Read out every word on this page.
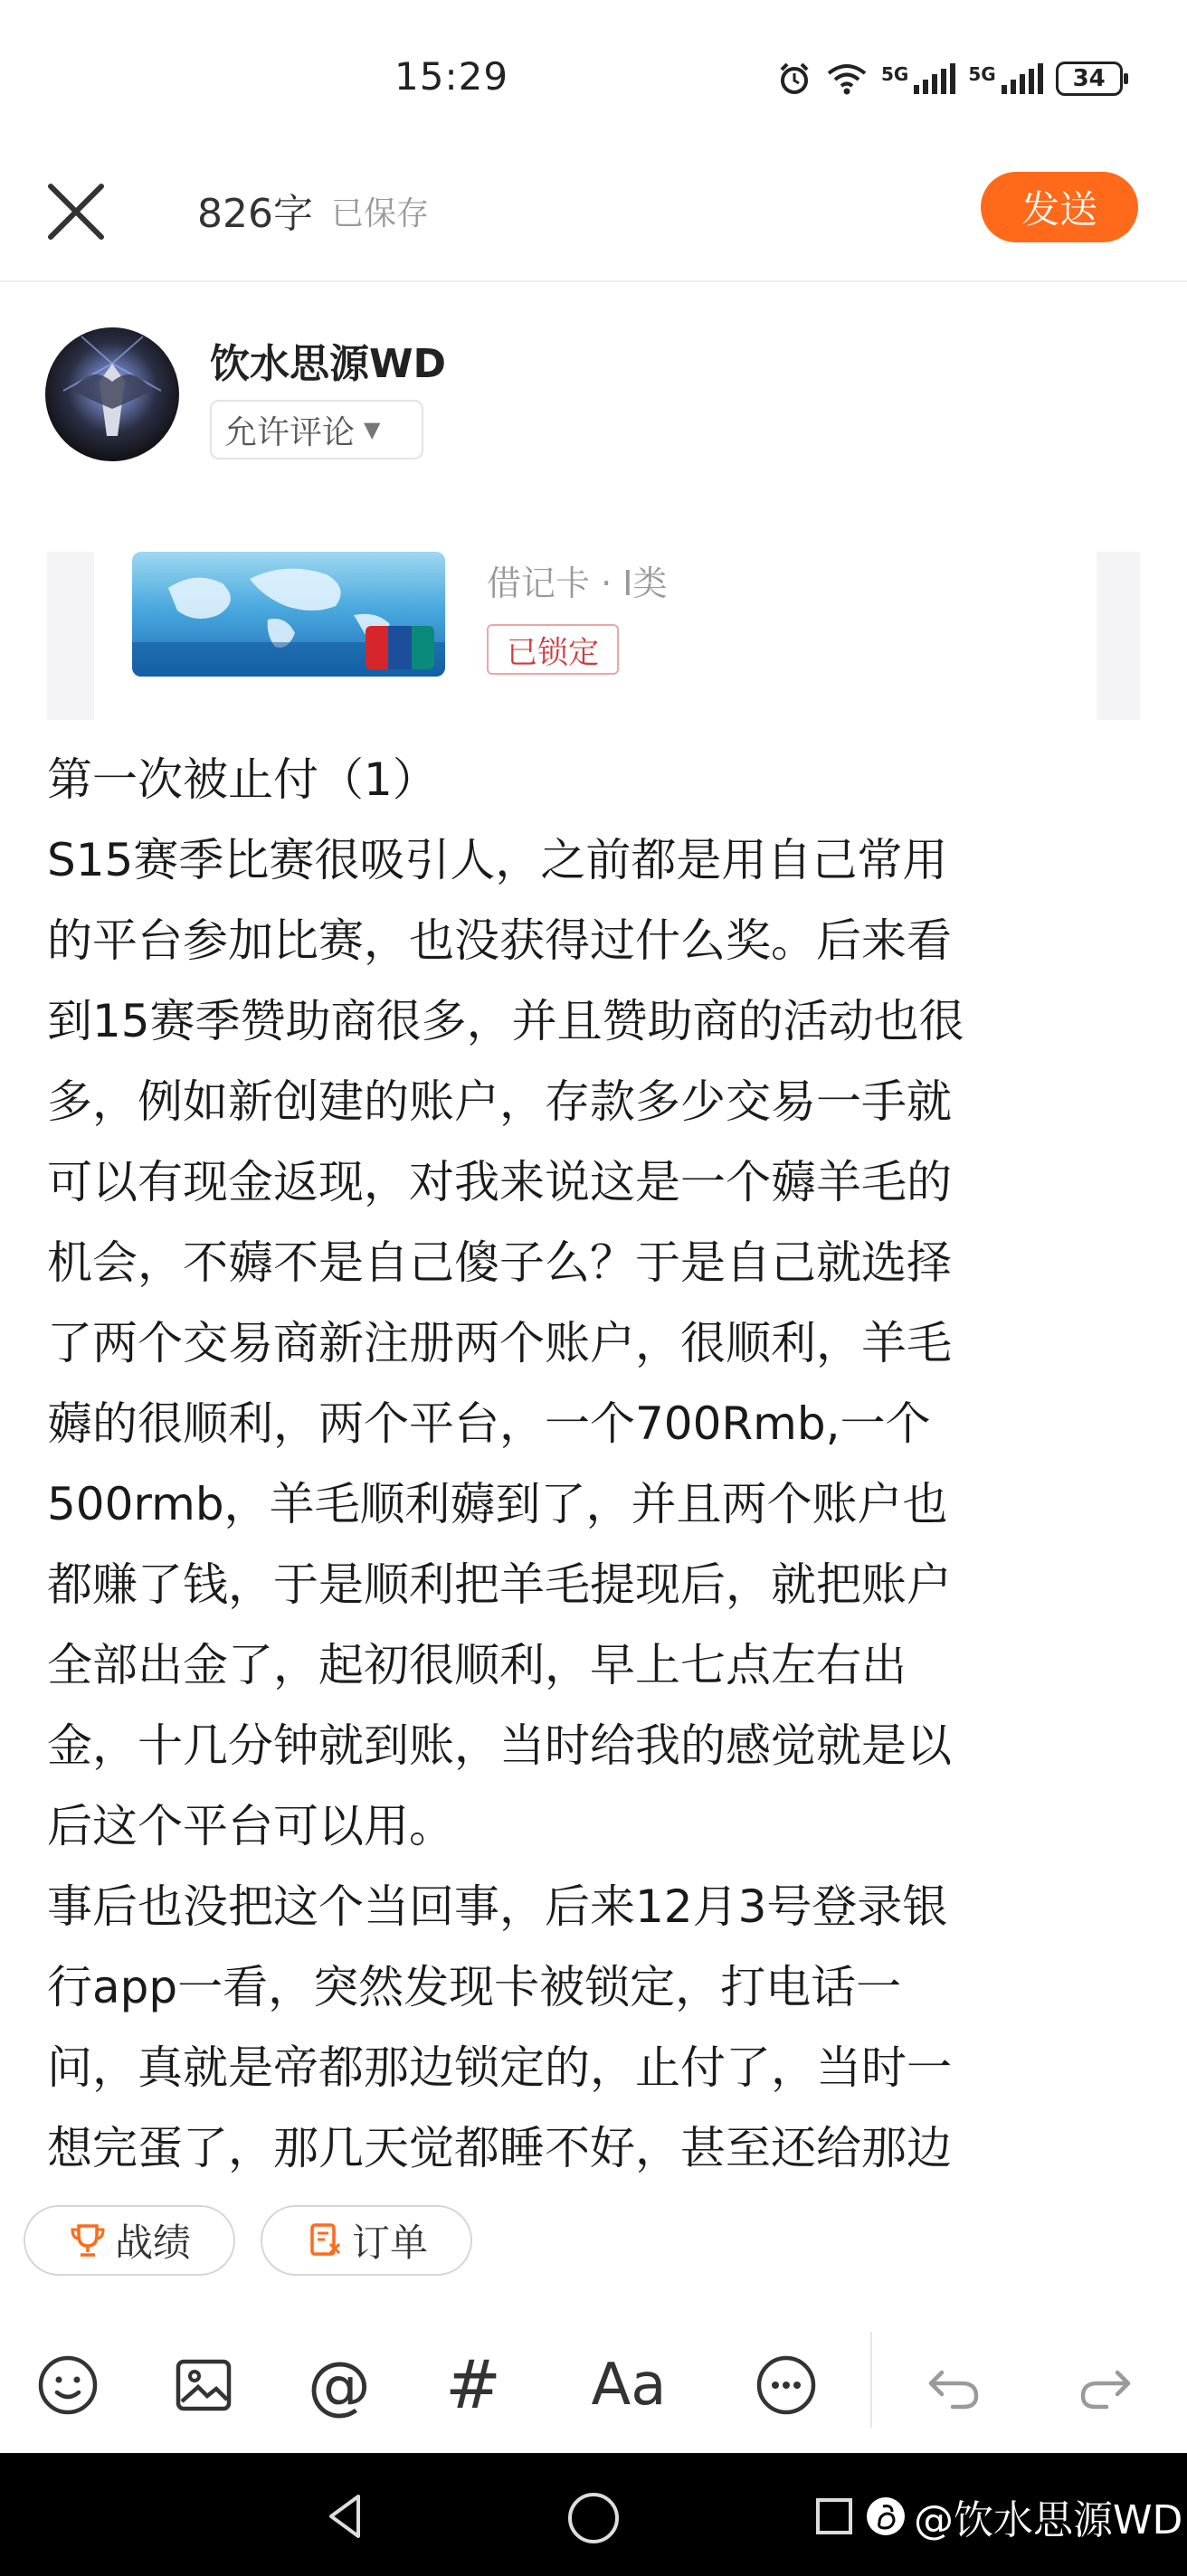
15:29	5G	5G	34
826字 已保存	发送
饮水思源WD
允许评论 ▼
借记卡 · I类
已锁定
第一次被止付（1）
S15赛季比赛很吸引人，之前都是用自己常用
的平台参加比赛，也没获得过什么奖。后来看
到15赛季赞助商很多，并且赞助商的活动也很
多，例如新创建的账户，存款多少交易一手就
可以有现金返现，对我来说这是一个薅羊毛的
机会，不薅不是自己傻子么？于是自己就选择
了两个交易商新注册两个账户，很顺利，羊毛
薅的很顺利，两个平台，一个700Rmb,一个
500rmb，羊毛顺利薅到了，并且两个账户也
都赚了钱，于是顺利把羊毛提现后，就把账户
全部出金了，起初很顺利，早上七点左右出
金，十几分钟就到账，当时给我的感觉就是以
后这个平台可以用。
事后也没把这个当回事，后来12月3号登录银
行app一看，突然发现卡被锁定，打电话一
问，真就是帝都那边锁定的，止付了，当时一
想完蛋了，那几天觉都睡不好，甚至还给那边
战绩	订单
@ # Aa
@饮水思源WD
